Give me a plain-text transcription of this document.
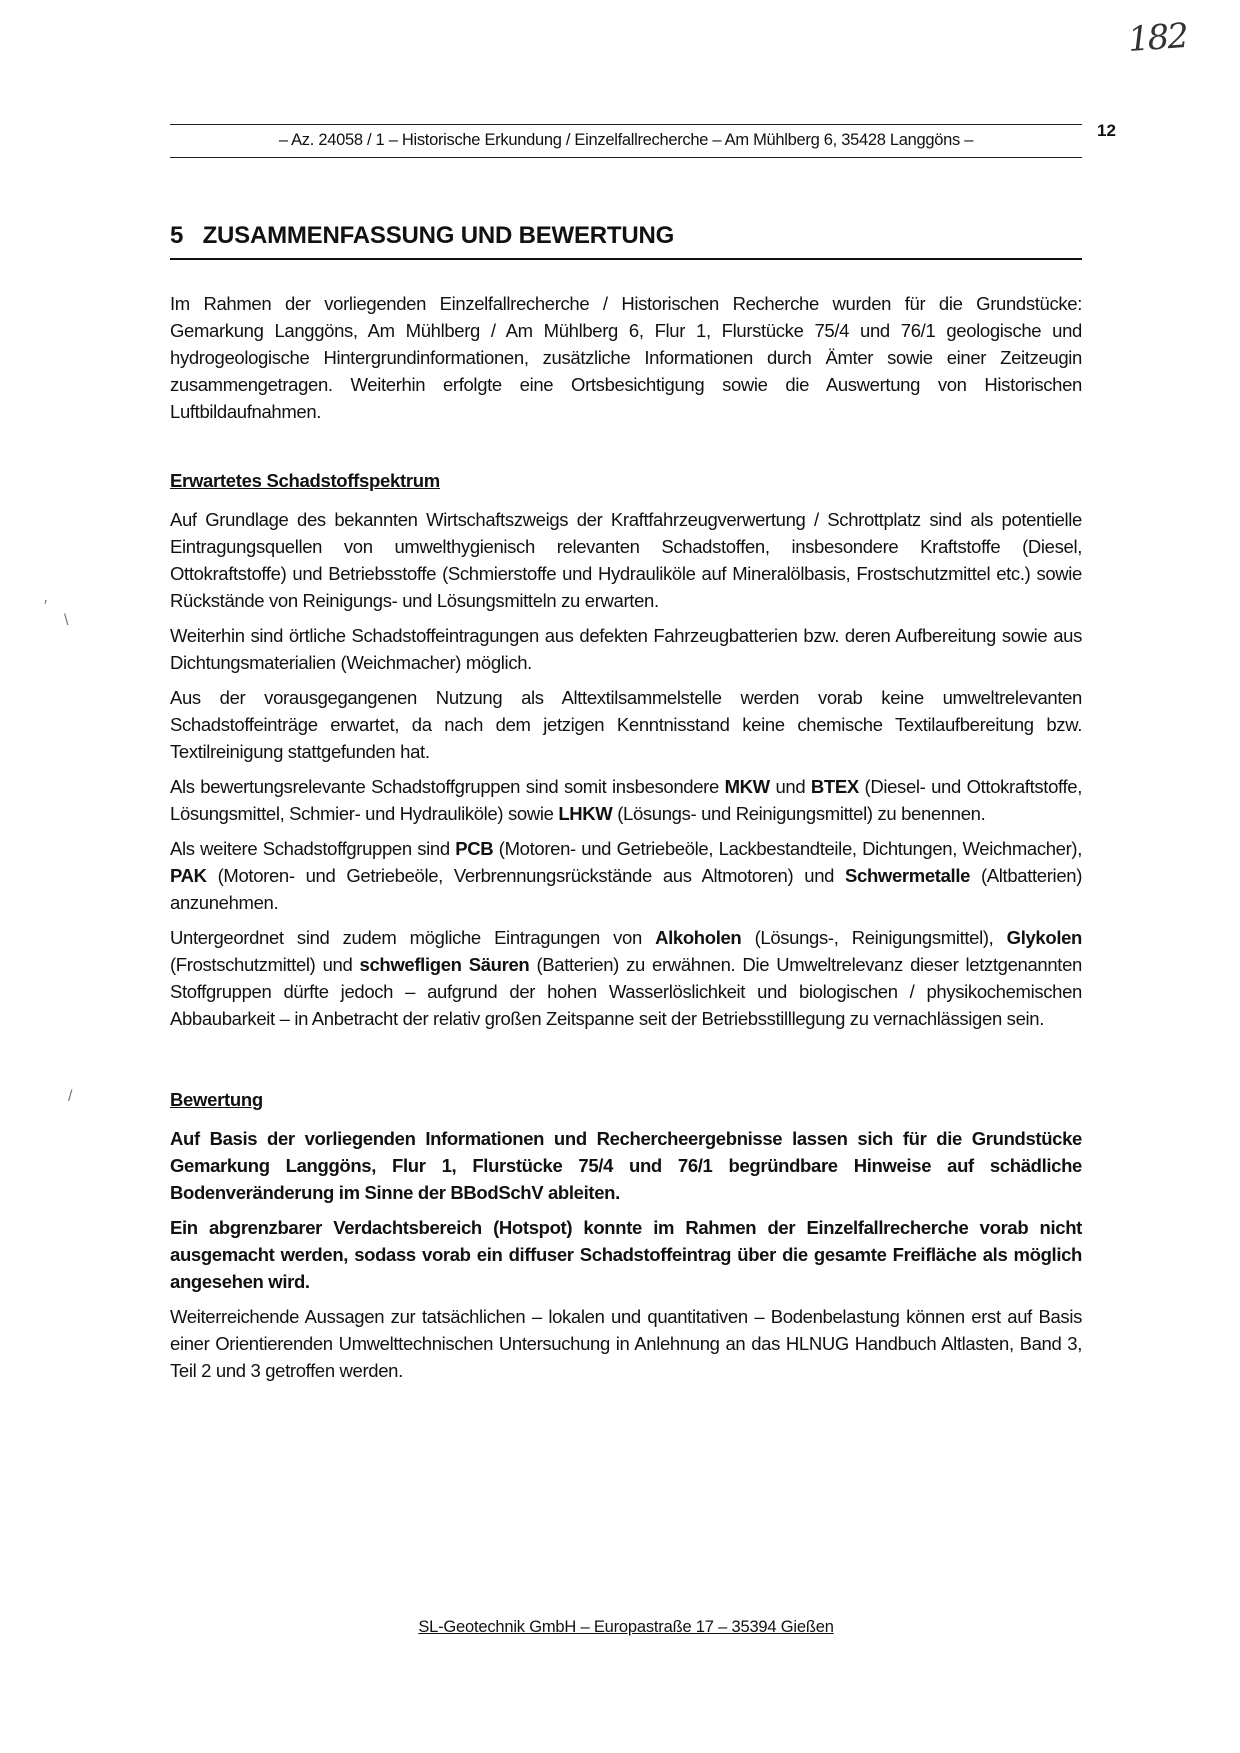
182
– Az. 24058 / 1 – Historische Erkundung / Einzelfallrecherche – Am Mühlberg 6, 35428 Langgöns –	12
5 ZUSAMMENFASSUNG UND BEWERTUNG

Im Rahmen der vorliegenden Einzelfallrecherche / Historischen Recherche wurden für die Grundstücke: Gemarkung Langgöns, Am Mühlberg / Am Mühlberg 6, Flur 1, Flurstücke 75/4 und 76/1 geologische und hydrogeologische Hintergrundinformationen, zusätzliche Informationen durch Ämter sowie einer Zeitzeugin zusammengetragen. Weiterhin erfolgte eine Ortsbesichtigung sowie die Auswertung von Historischen Luftbildaufnahmen.

Erwartetes Schadstoffspektrum

Auf Grundlage des bekannten Wirtschaftszweigs der Kraftfahrzeugverwertung / Schrottplatz sind als potentielle Eintragungsquellen von umwelthygienisch relevanten Schadstoffen, insbesondere Kraftstoffe (Diesel, Ottokraftstoffe) und Betriebsstoffe (Schmierstoffe und Hydrauliköle auf Mineralölbasis, Frostschutzmittel etc.) sowie Rückstände von Reinigungs- und Lösungsmitteln zu erwarten.

Weiterhin sind örtliche Schadstoffeintragungen aus defekten Fahrzeugbatterien bzw. deren Aufbereitung sowie aus Dichtungsmaterialien (Weichmacher) möglich.

Aus der vorausgegangenen Nutzung als Alttextilsammelstelle werden vorab keine umweltrelevanten Schadstoffeinträge erwartet, da nach dem jetzigen Kenntnisstand keine chemische Textilaufbereitung bzw. Textilreinigung stattgefunden hat.

Als bewertungsrelevante Schadstoffgruppen sind somit insbesondere MKW und BTEX (Diesel- und Ottokraftstoffe, Lösungsmittel, Schmier- und Hydrauliköle) sowie LHKW (Lösungs- und Reinigungsmittel) zu benennen.

Als weitere Schadstoffgruppen sind PCB (Motoren- und Getriebeöle, Lackbestandteile, Dichtungen, Weichmacher), PAK (Motoren- und Getriebeöle, Verbrennungsrückstände aus Altmotoren) und Schwermetalle (Altbatterien) anzunehmen.

Untergeordnet sind zudem mögliche Eintragungen von Alkoholen (Lösungs-, Reinigungsmittel), Glykolen (Frostschutzmittel) und schwefligen Säuren (Batterien) zu erwähnen. Die Umweltrelevanz dieser letztgenannten Stoffgruppen dürfte jedoch – aufgrund der hohen Wasserlöslichkeit und biologischen / physikochemischen Abbaubarkeit – in Anbetracht der relativ großen Zeitspanne seit der Betriebsstilllegung zu vernachlässigen sein.

Bewertung

Auf Basis der vorliegenden Informationen und Rechercheergebnisse lassen sich für die Grundstücke Gemarkung Langgöns, Flur 1, Flurstücke 75/4 und 76/1 begründbare Hinweise auf schädliche Bodenveränderung im Sinne der BBodSchV ableiten.

Ein abgrenzbarer Verdachtsbereich (Hotspot) konnte im Rahmen der Einzelfallrecherche vorab nicht ausgemacht werden, sodass vorab ein diffuser Schadstoffeintrag über die gesamte Freifläche als möglich angesehen wird.

Weiterreichende Aussagen zur tatsächlichen – lokalen und quantitativen – Bodenbelastung können erst auf Basis einer Orientierenden Umwelttechnischen Untersuchung in Anlehnung an das HLNUG Handbuch Altlasten, Band 3, Teil 2 und 3 getroffen werden.

SL-Geotechnik GmbH – Europastraße 17 – 35394 Gießen
′
\
/
